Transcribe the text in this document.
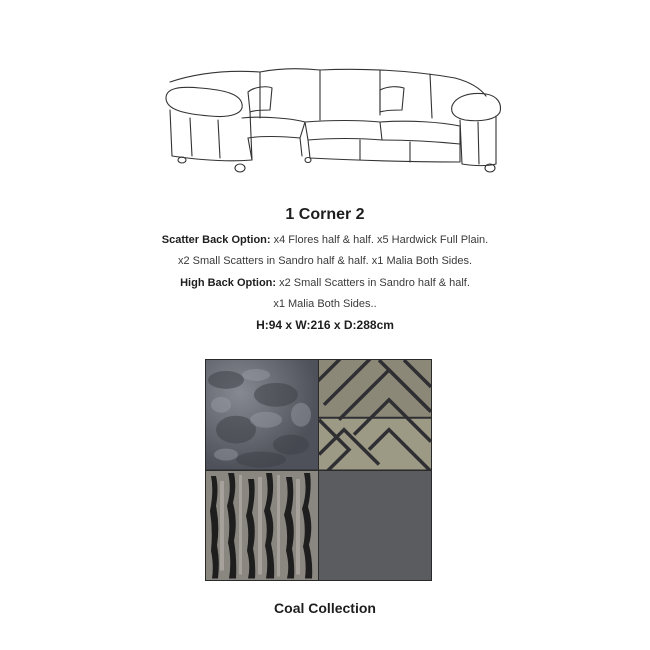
1 Corner 2
Scatter Back Option: x4 Flores half & half. x5 Hardwick Full Plain.
x2 Small Scatters in Sandro half & half. x1 Malia Both Sides.
High Back Option: x2 Small Scatters in Sandro half & half.
x1 Malia Both Sides..
H:94 x W:216 x D:288cm
Coal Collection
